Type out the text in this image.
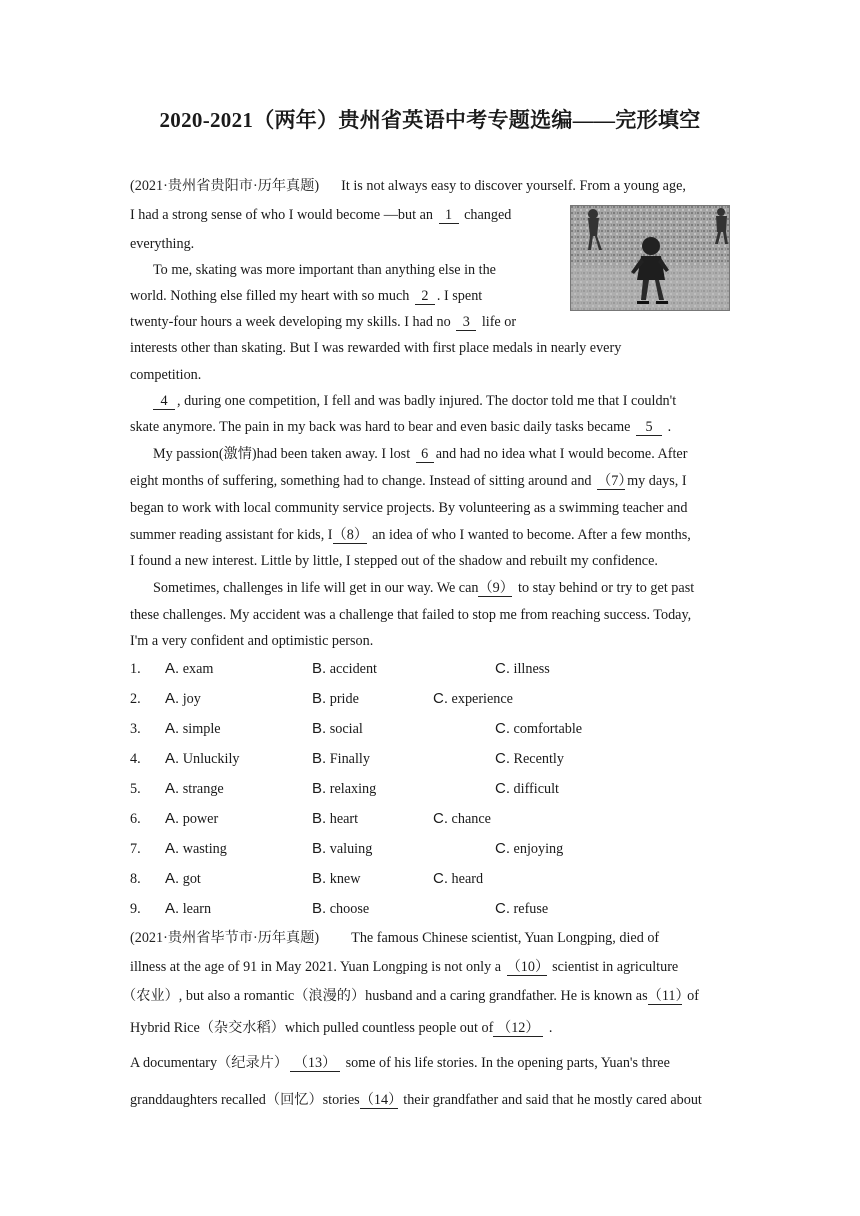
2020-2021（两年）贵州省英语中考专题选编——完形填空
(2021·贵州省贵阳市·历年真题) It is not always easy to discover yourself. From a young age,
I had a strong sense of who I would become —but an 1 changed
everything.
To me, skating was more important than anything else in the
world. Nothing else filled my heart with so much 2 . I spent
twenty-four hours a week developing my skills. I had no 3 life or
interests other than skating. But I was rewarded with first place medals in nearly every
competition.
4 , during one competition, I fell and was badly injured. The doctor told me that I couldn't
skate anymore. The pain in my back was hard to bear and even basic daily tasks became 5 .
My passion(激情)had been taken away. I lost 6 and had no idea what I would become. After
eight months of suffering, something had to change. Instead of sitting around and （7）my days, I
began to work with local community service projects. By volunteering as a swimming teacher and
summer reading assistant for kids, I（8） an idea of who I wanted to become. After a few months,
I found a new interest. Little by little, I stepped out of the shadow and rebuilt my confidence.
Sometimes, challenges in life will get in our way. We can（9） to stay behind or try to get past
these challenges. My accident was a challenge that failed to stop me from reaching success. Today,
I'm a very confident and optimistic person.
1. A. exam	B. accident	C. illness
2. A. joy	B. pride	C. experience
3. A. simple	B. social	C. comfortable
4. A. Unluckily	B. Finally	C. Recently
5. A. strange	B. relaxing	C. difficult
6. A. power	B. heart	C. chance
7. A. wasting	B. valuing	C. enjoying
8. A. got	B. knew	C. heard
9. A. learn	B. choose	C. refuse
(2021·贵州省毕节市·历年真题) The famous Chinese scientist, Yuan Longping, died of
illness at the age of 91 in May 2021. Yuan Longping is not only a （10） scientist in agriculture
（农业）, but also a romantic（浪漫的）husband and a caring grandfather. He is known as（11） of
Hybrid Rice（杂交水稻）which pulled countless people out of （12） .
A documentary（纪录片） （13） some of his life stories. In the opening parts, Yuan's three
granddaughters recalled（回忆）stories（14） their grandfather and said that he mostly cared about
